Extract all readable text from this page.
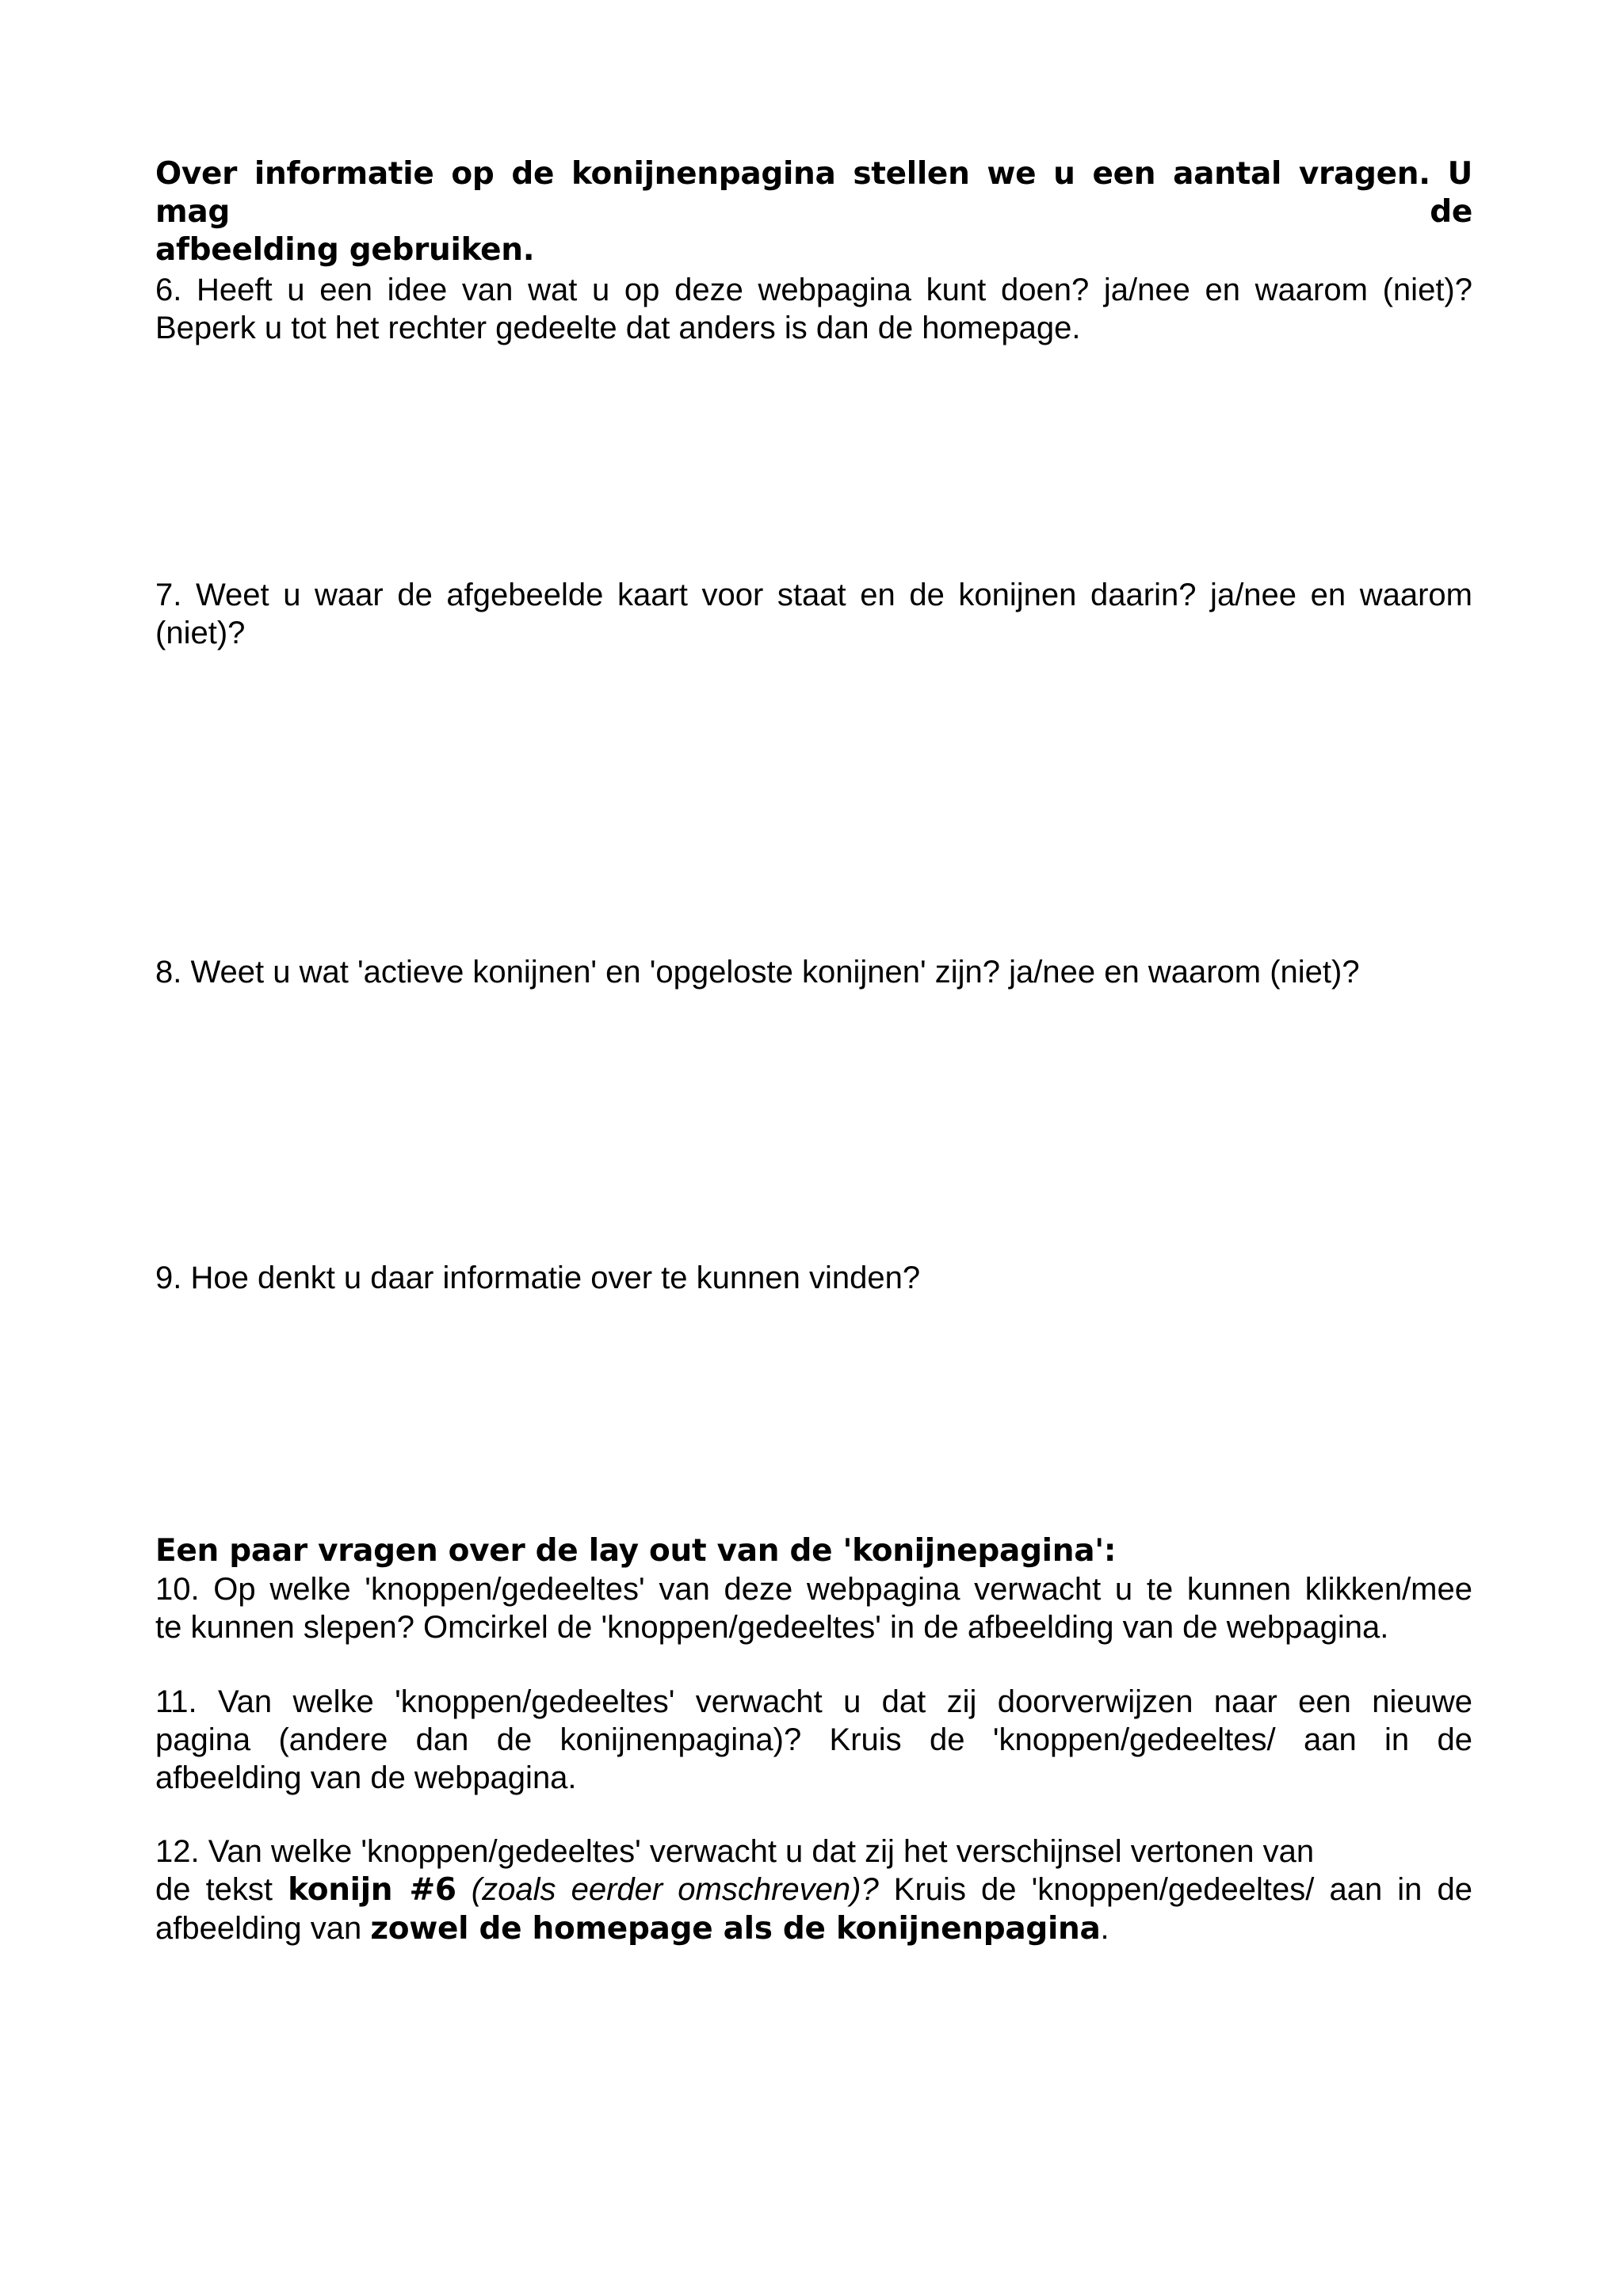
Over informatie op de konijnenpagina stellen we u een aantal vragen. U mag de
afbeelding gebruiken.

6. Heeft u een idee van wat u op deze webpagina kunt doen? ja/nee en waarom (niet)?
Beperk u tot het rechter gedeelte dat anders is dan de homepage.

7. Weet u waar de afgebeelde kaart voor staat en de konijnen daarin? ja/nee en waarom
(niet)?

8. Weet u wat 'actieve konijnen' en 'opgeloste konijnen' zijn? ja/nee en waarom (niet)?

9. Hoe denkt u daar informatie over te kunnen vinden?

Een paar vragen over de lay out van de 'konijnepagina':
10. Op welke 'knoppen/gedeeltes' van deze webpagina verwacht u te kunnen klikken/mee
te kunnen slepen? Omcirkel de 'knoppen/gedeeltes' in de afbeelding van de webpagina.

11. Van welke 'knoppen/gedeeltes' verwacht u dat zij doorverwijzen naar een nieuwe
pagina (andere dan de konijnenpagina)? Kruis de 'knoppen/gedeeltes/ aan in de
afbeelding van de webpagina.

12. Van welke 'knoppen/gedeeltes' verwacht u dat zij het verschijnsel vertonen van
de tekst konijn #6 (zoals eerder omschreven)? Kruis de 'knoppen/gedeeltes/ aan in de
afbeelding van zowel de homepage als de konijnenpagina.
